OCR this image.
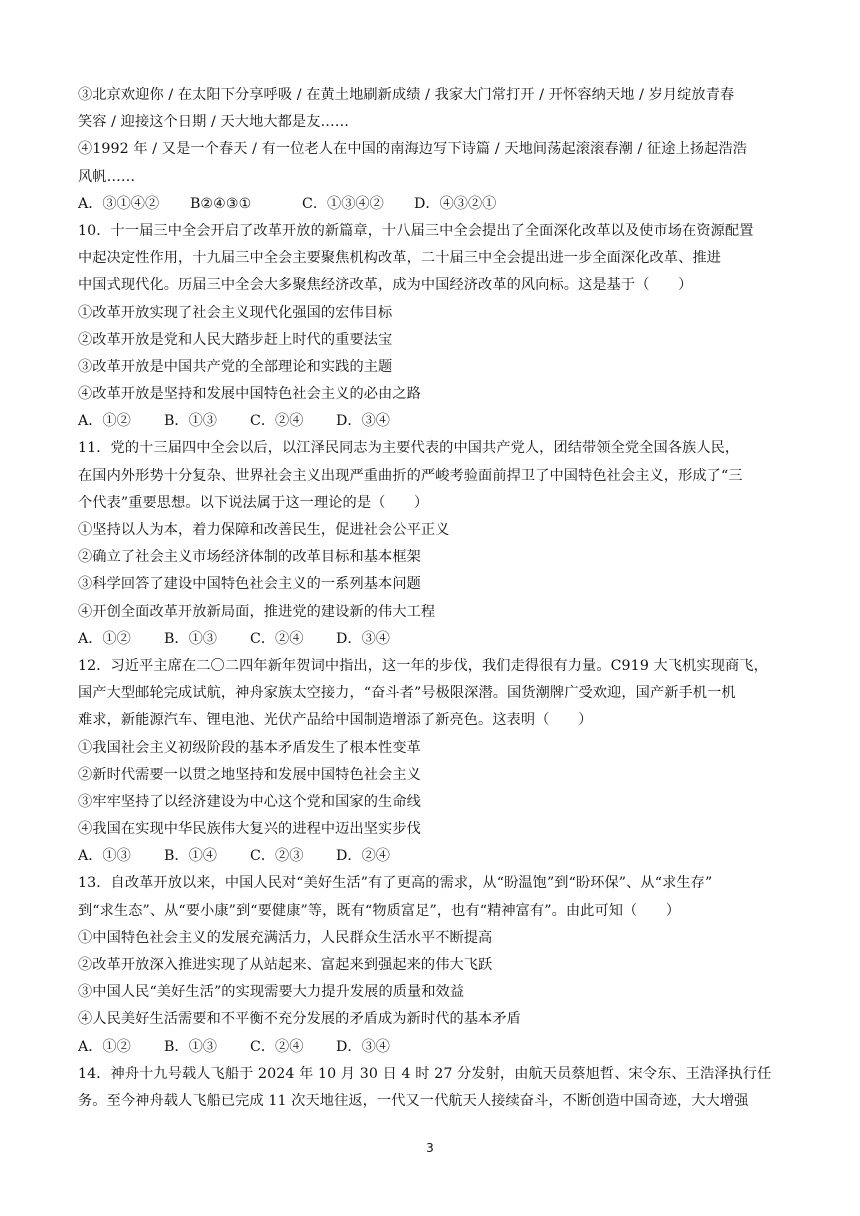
③北京欢迎你 / 在太阳下分享呼吸 / 在黄土地刷新成绩 / 我家大门常打开 / 开怀容纳天地 / 岁月绽放青春
笑容 / 迎接这个日期 / 天大地大都是友……
④1992 年 / 又是一个春天 / 有一位老人在中国的南海边写下诗篇 / 天地间荡起滚滚春潮 / 征途上扬起浩浩
风帆……
A．③①④②	B②④③①	C．①③④②	D．④③②①
10．十一届三中全会开启了改革开放的新篇章，十八届三中全会提出了全面深化改革以及使市场在资源配置
中起决定性作用，十九届三中全会主要聚焦机构改革，二十届三中全会提出进一步全面深化改革、推进
中国式现代化。历届三中全会大多聚焦经济改革，成为中国经济改革的风向标。这是基于（　　）
①改革开放实现了社会主义现代化强国的宏伟目标
②改革开放是党和人民大踏步赶上时代的重要法宝
③改革开放是中国共产党的全部理论和实践的主题
④改革开放是坚持和发展中国特色社会主义的必由之路
A．①②	B．①③	C．②④	D．③④
11．党的十三届四中全会以后，以江泽民同志为主要代表的中国共产党人，团结带领全党全国各族人民，
在国内外形势十分复杂、世界社会主义出现严重曲折的严峻考验面前捍卫了中国特色社会主义，形成了“三
个代表”重要思想。以下说法属于这一理论的是（　　）
①坚持以人为本，着力保障和改善民生，促进社会公平正义
②确立了社会主义市场经济体制的改革目标和基本框架
③科学回答了建设中国特色社会主义的一系列基本问题
④开创全面改革开放新局面，推进党的建设新的伟大工程
A．①②	B．①③	C．②④	D．③④
12．习近平主席在二〇二四年新年贺词中指出，这一年的步伐，我们走得很有力量。C919 大飞机实现商飞，
国产大型邮轮完成试航，神舟家族太空接力，“奋斗者”号极限深潜。国货潮牌广受欢迎，国产新手机一机
难求，新能源汽车、锂电池、光伏产品给中国制造增添了新亮色。这表明（　　）
①我国社会主义初级阶段的基本矛盾发生了根本性变革
②新时代需要一以贯之地坚持和发展中国特色社会主义
③牢牢坚持了以经济建设为中心这个党和国家的生命线
④我国在实现中华民族伟大复兴的进程中迈出坚实步伐
A．①③	B．①④	C．②③	D．②④
13．自改革开放以来，中国人民对“美好生活”有了更高的需求，从“盼温饱”到“盼环保”、从“求生存”
到“求生态”、从“要小康”到“要健康”等，既有“物质富足”，也有“精神富有”。由此可知（　　）
①中国特色社会主义的发展充满活力，人民群众生活水平不断提高
②改革开放深入推进实现了从站起来、富起来到强起来的伟大飞跃
③中国人民“美好生活”的实现需要大力提升发展的质量和效益
④人民美好生活需要和不平衡不充分发展的矛盾成为新时代的基本矛盾
A．①②	B．①③	C．②④	D．③④
14．神舟十九号载人飞船于 2024 年 10 月 30 日 4 时 27 分发射，由航天员蔡旭哲、宋令东、王浩泽执行任
务。至今神舟载人飞船已完成 11 次天地往返，一代又一代航天人接续奋斗，不断创造中国奇迹，大大增强
3
